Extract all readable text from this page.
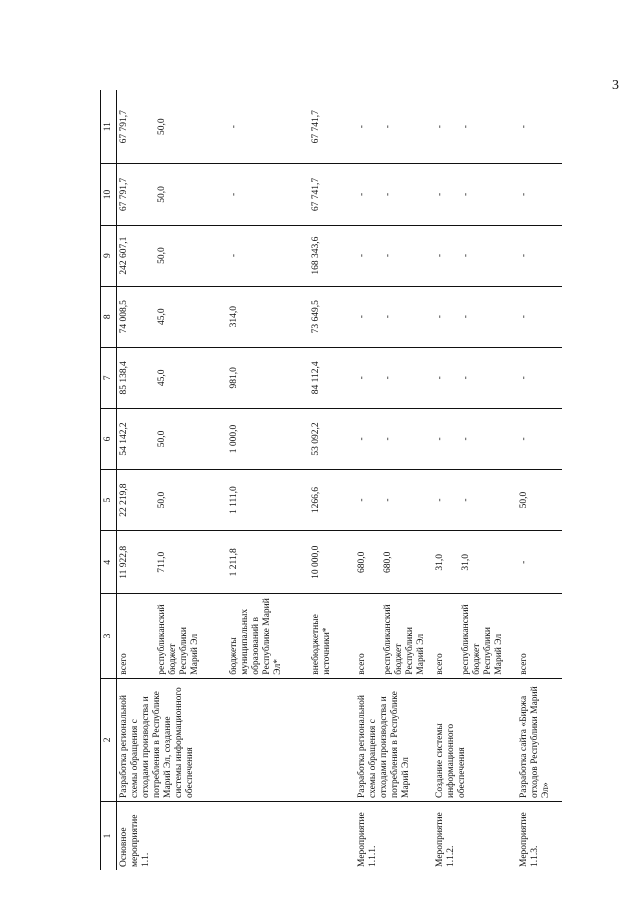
3
1	2	3	4	5	6	7	8	9	10	11
Основное мероприятие 1.1.	Разработка региональной схемы обращения с отходами производства и потребления в Республике Марий Эл, создание системы информационного обеспечения	всего	11 922,8	22 219,8	54 142,2	85 138,4	74 008,5	242 607,1	67 791,7	67 791,7
		республиканский бюджет Республики Марий Эл	711,0	50,0	50,0	45,0	45,0	50,0	50,0	50,0
		бюджеты муниципальных образований в Республике Марий Эл*	1 211,8	1 111,0	1 000,0	981,0	314,0	-	-	-
		внебюджетные источники*	10 000,0	1266,6	53 092,2	84 112,4	73 649,5	168 343,6	67 741,7	67 741,7
Мероприятие 1.1.1.	Разработка региональной схемы обращения с отходами производства и потребления в Республике Марий Эл	всего	680,0	-	-	-	-	-	-	-
		республиканский бюджет Республики Марий Эл	680,0	-	-	-	-	-	-	-
Мероприятие 1.1.2.	Создание системы информационного обеспечения	всего	31,0	-	-	-	-	-	-	-
		республиканский бюджет Республики Марий Эл	31,0	-	-	-	-	-	-	-
Мероприятие 1.1.3.	Разработка сайта «Биржа отходов Республики Марий Эл»	всего	-	50,0	-	-	-	-	-	-
